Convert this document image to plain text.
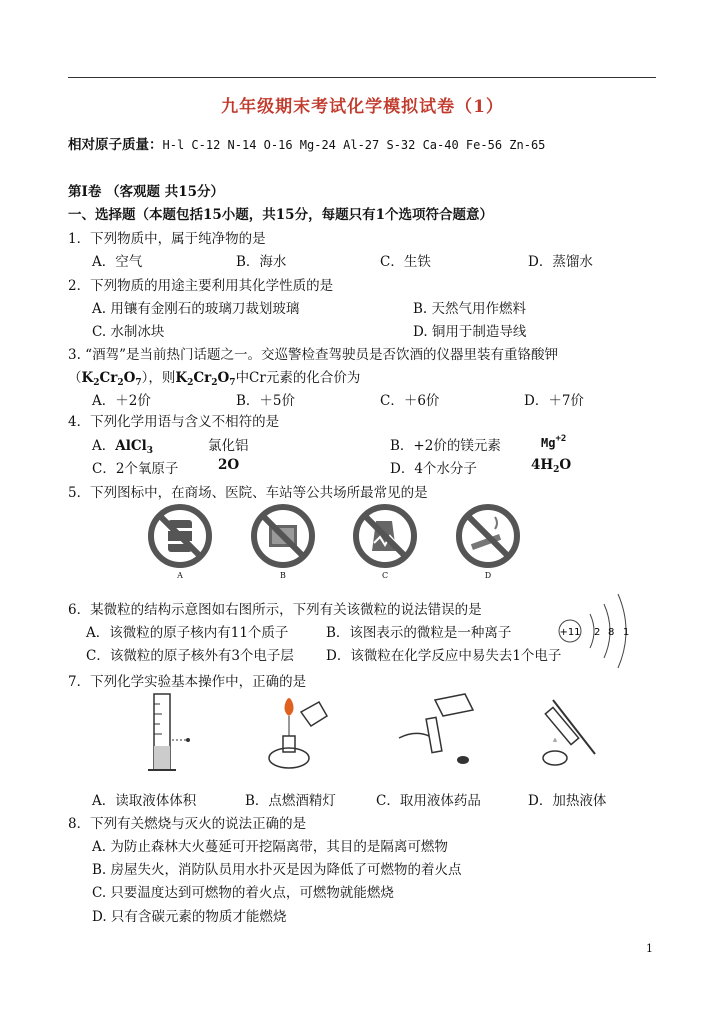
九年级期末考试化学模拟试卷（1）
相对原子质量：H-l C-12 N-14 O-16 Mg-24 Al-27 S-32 Ca-40 Fe-56 Zn-65
第Ⅰ卷 （客观题 共15分）
一、选择题（本题包括15小题，共15分，每题只有1个选项符合题意）
1．下列物质中，属于纯净物的是
A．空气	B．海水	C．生铁	D．蒸馏水
2．下列物质的用途主要利用其化学性质的是
A. 用镶有金刚石的玻璃刀裁划玻璃	B. 天然气用作燃料
C. 水制冰块	D. 铜用于制造导线
3. “酒驾”是当前热门话题之一。交巡警检查驾驶员是否饮酒的仪器里装有重铬酸钾
$(K_2Cr_2O_7)$，则$K_2Cr_2O_7$中Cr元素的化合价为
A．＋2价	B．＋5价	C．＋6价	D．＋7价
4．下列化学用语与含义不相符的是
A．AlCl$_3$	氯化铝	B．+2价的镁元素	$Mg^{+2}$
C．2个氧原子	2O	D．4个水分子	$4H_2O$
5．下列图标中，在商场、医院、车站等公共场所最常见的是
A	B	C	D
6．某微粒的结构示意图如右图所示，下列有关该微粒的说法错误的是
A．该微粒的原子核内有11个质子	B．该图表示的微粒是一种离子
C．该微粒的原子核外有3个电子层 D．该微粒在化学反应中易失去1个电子
+11 2 8 1
7．下列化学实验基本操作中，正确的是
A．读取液体体积	B．点燃酒精灯	C．取用液体药品	D．加热液体
8．下列有关燃烧与灭火的说法正确的是
A. 为防止森林大火蔓延可开挖隔离带，其目的是隔离可燃物
B. 房屋失火，消防队员用水扑灭是因为降低了可燃物的着火点
C. 只要温度达到可燃物的着火点，可燃物就能燃烧
D. 只有含碳元素的物质才能燃烧
1
